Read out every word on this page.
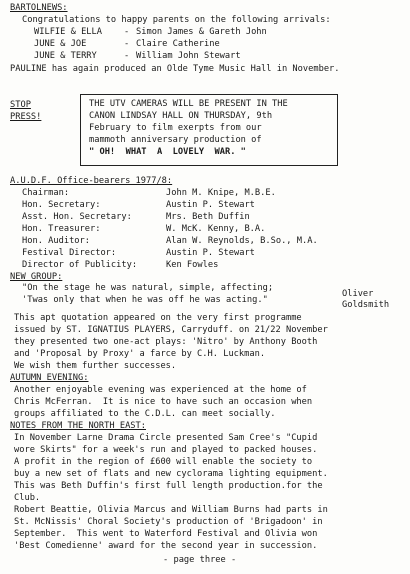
BARTOLNEWS:
Congratulations to happy parents on the following arrivals:
WILFIE & ELLA	- Simon James & Gareth John
JUNE & JOE	- Claire Catherine
JUNE & TERRY	- William John Stewart
PAULINE has again produced an Olde Tyme Music Hall in November.
STOP
PRESS!
THE UTV CAMERAS WILL BE PRESENT IN THE
CANON LINDSAY HALL ON THURSDAY, 9th
February to film exerpts from our
mammoth anniversary production of
" OH!  WHAT  A  LOVELY  WAR. "
A.U.D.F. Office-bearers 1977/8:
Chairman:	John M. Knipe, M.B.E.
Hon. Secretary:	Austin P. Stewart
Asst. Hon. Secretary:	Mrs. Beth Duffin
Hon. Treasurer:	W. McK. Kenny, B.A.
Hon. Auditor:	Alan W. Reynolds, B.So., M.A.
Festival Director:	Austin P. Stewart
Director of Publicity:	Ken Fowles
NEW GROUP:
"On the stage he was natural, simple, affecting;
'Twas only that when he was off he was acting."
Oliver
Goldsmith
This apt quotation appeared on the very first programme
issued by ST. IGNATIUS PLAYERS, Carryduff. on 21/22 November
they presented two one-act plays: 'Nitro' by Anthony Booth
and 'Proposal by Proxy' a farce by C.H. Luckman.
We wish them further successes.
AUTUMN EVENING:
Another enjoyable evening was experienced at the home of
Chris McFerran.  It is nice to have such an occasion when
groups affiliated to the C.D.L. can meet socially.
NOTES FROM THE NORTH EAST:
In November Larne Drama Circle presented Sam Cree's "Cupid
wore Skirts" for a week's run and played to packed houses.
A profit in the region of £600 will enable the society to
buy a new set of flats and new cyclorama lighting equipment.
This was Beth Duffin's first full length production.for the
Club.
Robert Beattie, Olivia Marcus and William Burns had parts in
St. McNissis' Choral Society's production of 'Brigadoon' in
September.  This went to Waterford Festival and Olivia won
'Best Comedienne' award for the second year in succession.
- page three -
